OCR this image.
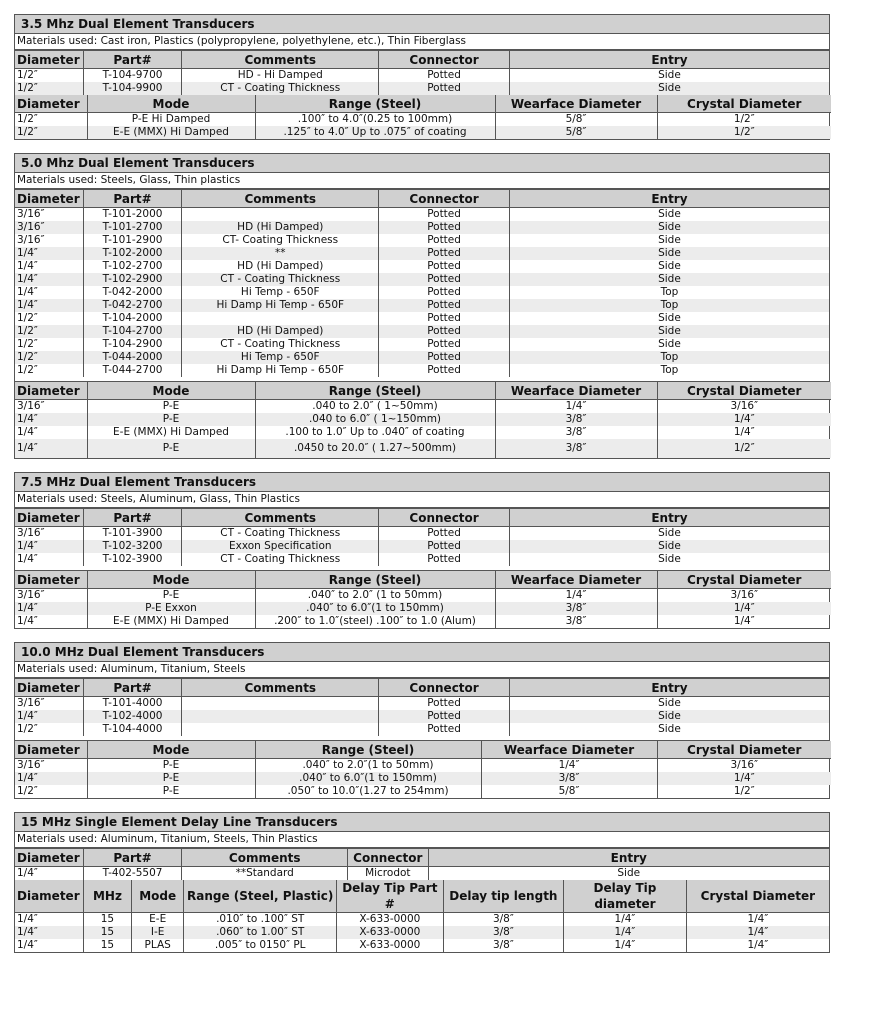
3.5 Mhz Dual Element Transducers
Materials used: Cast iron, Plastics (polypropylene, polyethylene, etc.), Thin Fiberglass
Diameter	Part#	Comments	Connector	Entry
1/2″	T-104-9700	HD - Hi Damped	Potted	Side
1/2″	T-104-9900	CT - Coating Thickness	Potted	Side
Diameter	Mode	Range (Steel)	Wearface Diameter	Crystal Diameter
1/2″	P-E Hi Damped	.100″ to 4.0″(0.25 to 100mm)	5/8″	1/2″
1/2″	E-E (MMX) Hi Damped	.125″ to 4.0″ Up to .075″ of coating	5/8″	1/2″
5.0 Mhz Dual Element Transducers
Materials used: Steels, Glass, Thin plastics
Diameter	Part#	Comments	Connector	Entry
3/16″	T-101-2000		Potted	Side
3/16″	T-101-2700	HD (Hi Damped)	Potted	Side
3/16″	T-101-2900	CT- Coating Thickness	Potted	Side
1/4″	T-102-2000	**	Potted	Side
1/4″	T-102-2700	HD (Hi Damped)	Potted	Side
1/4″	T-102-2900	CT - Coating Thickness	Potted	Side
1/4″	T-042-2000	Hi Temp - 650F	Potted	Top
1/4″	T-042-2700	Hi Damp Hi Temp - 650F	Potted	Top
1/2″	T-104-2000		Potted	Side
1/2″	T-104-2700	HD (Hi Damped)	Potted	Side
1/2″	T-104-2900	CT - Coating Thickness	Potted	Side
1/2″	T-044-2000	Hi Temp - 650F	Potted	Top
1/2″	T-044-2700	Hi Damp Hi Temp - 650F	Potted	Top
Diameter	Mode	Range (Steel)	Wearface Diameter	Crystal Diameter
3/16″	P-E	.040 to 2.0″ ( 1~50mm)	1/4″	3/16″
1/4″	P-E	.040 to 6.0″ ( 1~150mm)	3/8″	1/4″
1/4″	E-E (MMX) Hi Damped	.100 to 1.0″ Up to .040″ of coating	3/8″	1/4″
1/4″	P-E	.0450 to 20.0″ ( 1.27~500mm)	3/8″	1/2″
7.5 MHz Dual Element Transducers
Materials used: Steels, Aluminum, Glass, Thin Plastics
Diameter	Part#	Comments	Connector	Entry
3/16″	T-101-3900	CT - Coating Thickness	Potted	Side
1/4″	T-102-3200	Exxon Specification	Potted	Side
1/4″	T-102-3900	CT - Coating Thickness	Potted	Side
Diameter	Mode	Range (Steel)	Wearface Diameter	Crystal Diameter
3/16″	P-E	.040″ to 2.0″ (1 to 50mm)	1/4″	3/16″
1/4″	P-E Exxon	.040″ to 6.0″(1 to 150mm)	3/8″	1/4″
1/4″	E-E (MMX) Hi Damped	.200″ to 1.0″(steel) .100″ to 1.0 (Alum)	3/8″	1/4″
10.0 MHz Dual Element Transducers
Materials used: Aluminum, Titanium, Steels
Diameter	Part#	Comments	Connector	Entry
3/16″	T-101-4000		Potted	Side
1/4″	T-102-4000		Potted	Side
1/2″	T-104-4000		Potted	Side
Diameter	Mode	Range (Steel)	Wearface Diameter	Crystal Diameter
3/16″	P-E	.040″ to 2.0″(1 to 50mm)	1/4″	3/16″
1/4″	P-E	.040″ to 6.0″(1 to 150mm)	3/8″	1/4″
1/2″	P-E	.050″ to 10.0″(1.27 to 254mm)	5/8″	1/2″
15 MHz Single Element Delay Line Transducers
Materials used: Aluminum, Titanium, Steels, Thin Plastics
Diameter	Part#	Comments	Connector	Entry
1/4″	T-402-5507	**Standard	Microdot	Side
Diameter	MHz	Mode	Range (Steel, Plastic)	Delay Tip Part #	Delay tip length	Delay Tip diameter	Crystal Diameter
1/4″	15	E-E	.010″ to .100″ ST	X-633-0000	3/8″	1/4″	1/4″
1/4″	15	I-E	.060″ to 1.00″ ST	X-633-0000	3/8″	1/4″	1/4″
1/4″	15	PLAS	.005″ to 0150″ PL	X-633-0000	3/8″	1/4″	1/4″
